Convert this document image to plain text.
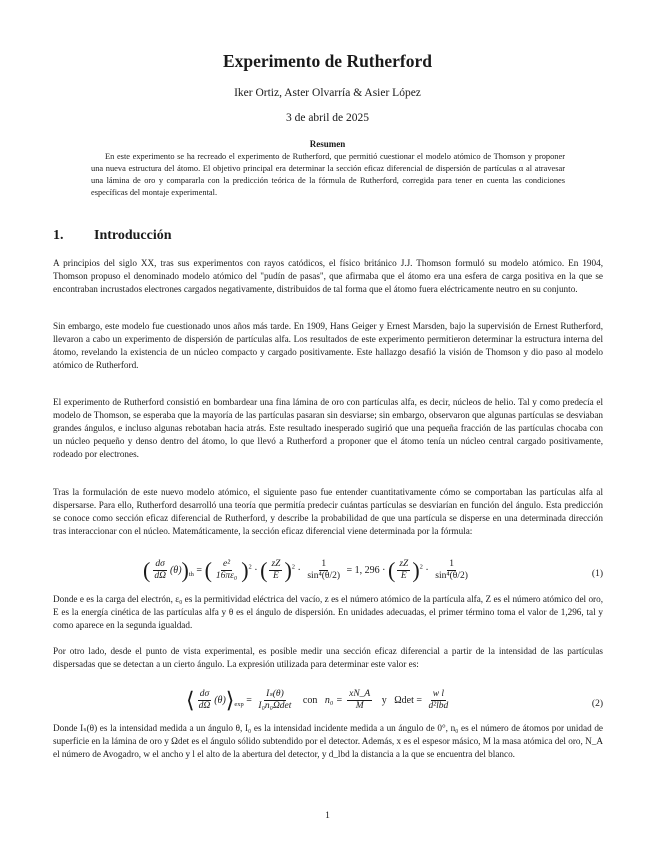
Experimento de Rutherford
Iker Ortiz, Aster Olvarría & Asier López
3 de abril de 2025
Resumen

En este experimento se ha recreado el experimento de Rutherford, que permitió cuestionar el modelo atómico de Thomson y proponer una nueva estructura del átomo. El objetivo principal era determinar la sección eficaz diferencial de dispersión de partículas α al atravesar una lámina de oro y compararla con la predicción teórica de la fórmula de Rutherford, corregida para tener en cuenta las condiciones específicas del montaje experimental.

1. Introducción

A principios del siglo XX, tras sus experimentos con rayos catódicos, el físico británico J.J. Thomson formuló su modelo atómico. En 1904, Thomson propuso el denominado modelo atómico del "pudín de pasas", que afirmaba que el átomo era una esfera de carga positiva en la que se encontraban incrustados electrones cargados negativamente, distribuidos de tal forma que el átomo fuera eléctricamente neutro en su conjunto.

Sin embargo, este modelo fue cuestionado unos años más tarde. En 1909, Hans Geiger y Ernest Marsden, bajo la supervisión de Ernest Rutherford, llevaron a cabo un experimento de dispersión de partículas alfa. Los resultados de este experimento permitieron determinar la estructura interna del átomo, revelando la existencia de un núcleo compacto y cargado positivamente. Este hallazgo desafió la visión de Thomson y dio paso al modelo atómico de Rutherford.

El experimento de Rutherford consistió en bombardear una fina lámina de oro con partículas alfa, es decir, núcleos de helio. Tal y como predecía el modelo de Thomson, se esperaba que la mayoría de las partículas pasaran sin desviarse; sin embargo, observaron que algunas partículas se desviaban grandes ángulos, e incluso algunas rebotaban hacia atrás. Este resultado inesperado sugirió que una pequeña fracción de las partículas chocaba con un núcleo pequeño y denso dentro del átomo, lo que llevó a Rutherford a proponer que el átomo tenía un núcleo central cargado positivamente, rodeado por electrones.

Tras la formulación de este nuevo modelo atómico, el siguiente paso fue entender cuantitativamente cómo se comportaban las partículas alfa al dispersarse. Para ello, Rutherford desarrolló una teoría que permitía predecir cuántas partículas se desviarían en función del ángulo. Esta predicción se conoce como sección eficaz diferencial de Rutherford, y describe la probabilidad de que una partícula se disperse en una determinada dirección tras interaccionar con el núcleo. Matemáticamente, la sección eficaz diferencial viene determinada por la fórmula:

( $\frac{d\sigma}{d\Omega} (\theta))_{th}$ = ( $\frac{\text{e²}}{\text{16πε₀}} )^2$ · ( $\frac{zZ}{E} )^2 \cdot \frac{1}{\text{sin⁴(θ/2)}} = 1$, 296 · ( $\frac{zZ}{E} )^2 \cdot \frac{1}{\text{sin⁴(θ/2)}}$	(1)

Donde e es la carga del electrón, ε₀ es la permitividad eléctrica del vacío, z es el número atómico de la partícula alfa, Z es el número atómico del oro, E es la energía cinética de las partículas alfa y θ es el ángulo de dispersión. En unidades adecuadas, el primer término toma el valor de 1,296, tal y como aparece en la segunda igualdad.

Por otro lado, desde el punto de vista experimental, es posible medir una sección eficaz diferencial a partir de la intensidad de las partículas dispersadas que se detectan a un cierto ángulo. La expresión utilizada para determinar este valor es:

⟨ $\frac{d\sigma}{d\Omega}$ $(\theta)⟩_{exp} = \frac{\text{Iₛ(θ)}}{\text{I₀n₀Ωdet}}$ con $n_0 = \frac{xN\_A}{M}$ y $\Omega\det = \frac{\text{w l}}{\text{d²lbd}}$	(2)

Donde Iₛ(θ) es la intensidad medida a un ángulo θ, I₀ es la intensidad incidente medida a un ángulo de 0°, n₀ es el número de átomos por unidad de superficie en la lámina de oro y Ωdet es el ángulo sólido subtendido por el detector. Además, x es el espesor másico, M la masa atómica del oro, N_A el número de Avogadro, w el ancho y l el alto de la abertura del detector, y d_lbd la distancia a la que se encuentra del blanco.

1
